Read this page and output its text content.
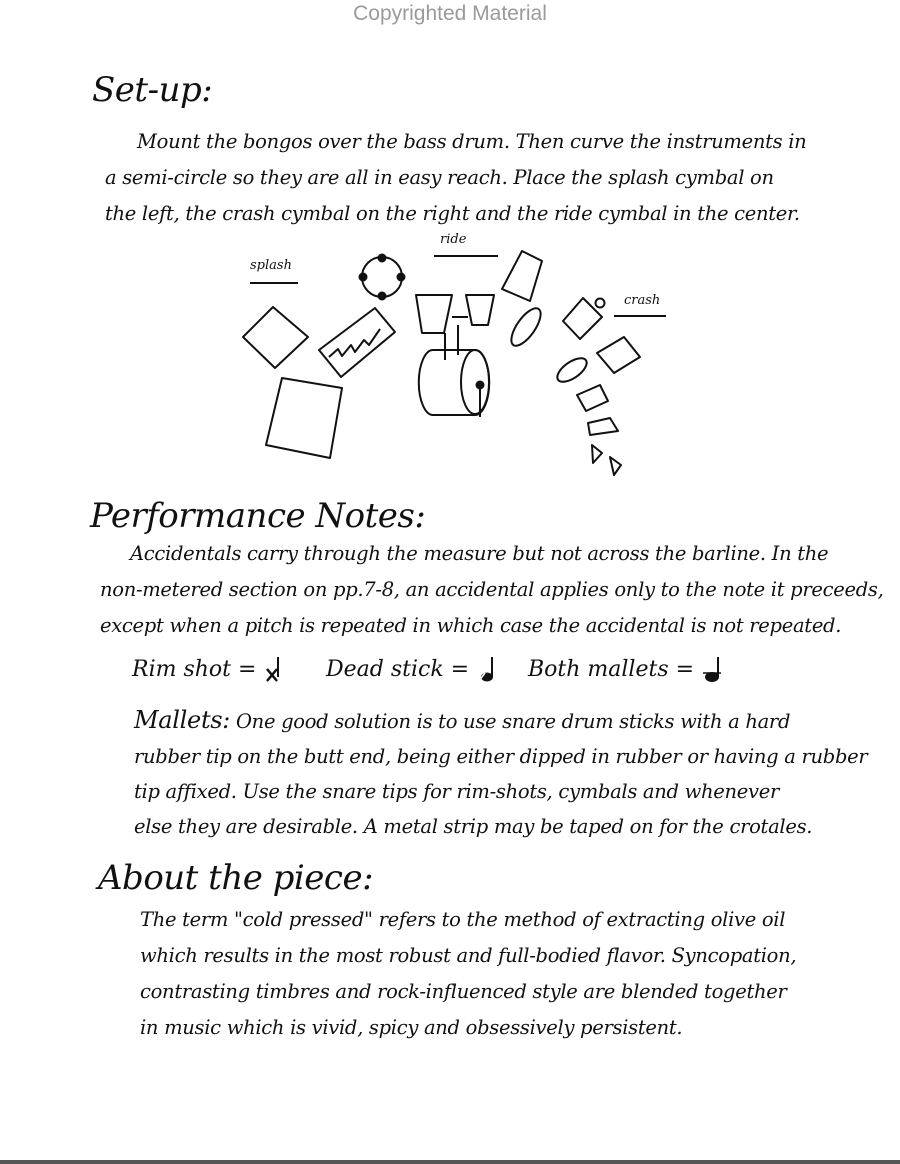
Copyrighted Material
Set-up:
Mount the bongos over the bass drum. Then curve the instruments in
a semi-circle so they are all in easy reach. Place the splash cymbal on
the left, the crash cymbal on the right and the ride cymbal in the center.
splash
ride
crash
Performance Notes:
Accidentals carry through the measure but not across the barline. In the
non-metered section on pp.7-8, an accidental applies only to the note it preceeds,
except when a pitch is repeated in which case the accidental is not repeated.
Rim shot =	Dead stick =	Both mallets =
Mallets: One good solution is to use snare drum sticks with a hard
rubber tip on the butt end, being either dipped in rubber or having a rubber
tip affixed. Use the snare tips for rim-shots, cymbals and whenever
else they are desirable. A metal strip may be taped on for the crotales.
About the piece:
The term "cold pressed" refers to the method of extracting olive oil
which results in the most robust and full-bodied flavor. Syncopation,
contrasting timbres and rock-influenced style are blended together
in music which is vivid, spicy and obsessively persistent.
